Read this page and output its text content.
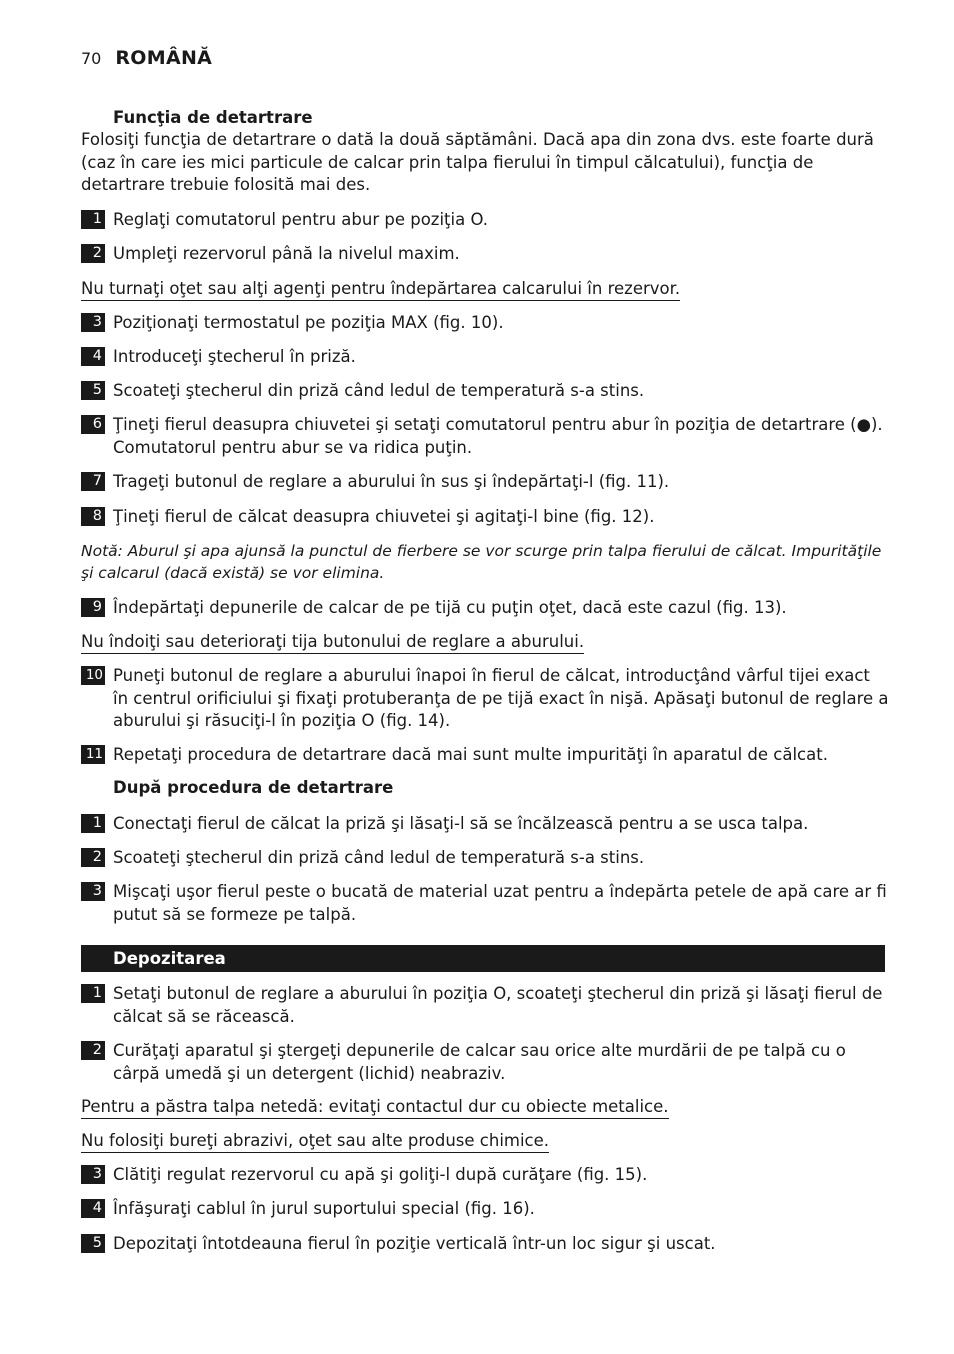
70 ROMÂNĂ
Funcţia de detartrare

Folosiţi funcţia de detartrare o dată la două săptămâni. Dacă apa din zona dvs. este foarte dură (caz în care ies mici particule de calcar prin talpa fierului în timpul călcatului), funcţia de detartrare trebuie folosită mai des.

1 Reglaţi comutatorul pentru abur pe poziţia O.
2 Umpleţi rezervorul până la nivelul maxim.
Nu turnaţi oţet sau alţi agenţi pentru îndepărtarea calcarului în rezervor.
3 Poziţionaţi termostatul pe poziţia MAX (fig. 10).
4 Introduceţi ştecherul în priză.
5 Scoateţi ştecherul din priză când ledul de temperatură s-a stins.
6 Ţineţi fierul deasupra chiuvetei şi setaţi comutatorul pentru abur în poziţia de detartrare (●). Comutatorul pentru abur se va ridica puţin.
7 Trageţi butonul de reglare a aburului în sus şi îndepărtaţi-l (fig. 11).
8 Ţineţi fierul de călcat deasupra chiuvetei şi agitaţi-l bine (fig. 12).
Notă: Aburul şi apa ajunsă la punctul de fierbere se vor scurge prin talpa fierului de călcat. Impurităţile şi calcarul (dacă există) se vor elimina.
9 Îndepărtaţi depunerile de calcar de pe tijă cu puţin oţet, dacă este cazul (fig. 13).
Nu îndoiţi sau deterioraţi tija butonului de reglare a aburului.
10 Puneţi butonul de reglare a aburului înapoi în fierul de călcat, introducţând vârful tijei exact în centrul orificiului şi fixaţi protuberanţa de pe tijă exact în nişă. Apăsaţi butonul de reglare a aburului şi răsuciţi-l în poziţia O (fig. 14).
11 Repetaţi procedura de detartrare dacă mai sunt multe impurităţi în aparatul de călcat.
După procedura de detartrare
1 Conectaţi fierul de călcat la priză şi lăsaţi-l să se încălzească pentru a se usca talpa.
2 Scoateţi ştecherul din priză când ledul de temperatură s-a stins.
3 Mişcaţi uşor fierul peste o bucată de material uzat pentru a îndepărta petele de apă care ar fi putut să se formeze pe talpă.
Depozitarea
1 Setaţi butonul de reglare a aburului în poziţia O, scoateţi ştecherul din priză şi lăsaţi fierul de călcat să se răcească.
2 Curăţaţi aparatul şi ştergeţi depunerile de calcar sau orice alte murdării de pe talpă cu o cârpă umedă şi un detergent (lichid) neabraziv.
Pentru a păstra talpa netedă: evitaţi contactul dur cu obiecte metalice.
Nu folosiţi bureţi abrazivi, oţet sau alte produse chimice.
3 Clătiţi regulat rezervorul cu apă şi goliţi-l după curăţare (fig. 15).
4 Înfăşuraţi cablul în jurul suportului special (fig. 16).
5 Depozitaţi întotdeauna fierul în poziţie verticală într-un loc sigur şi uscat.
